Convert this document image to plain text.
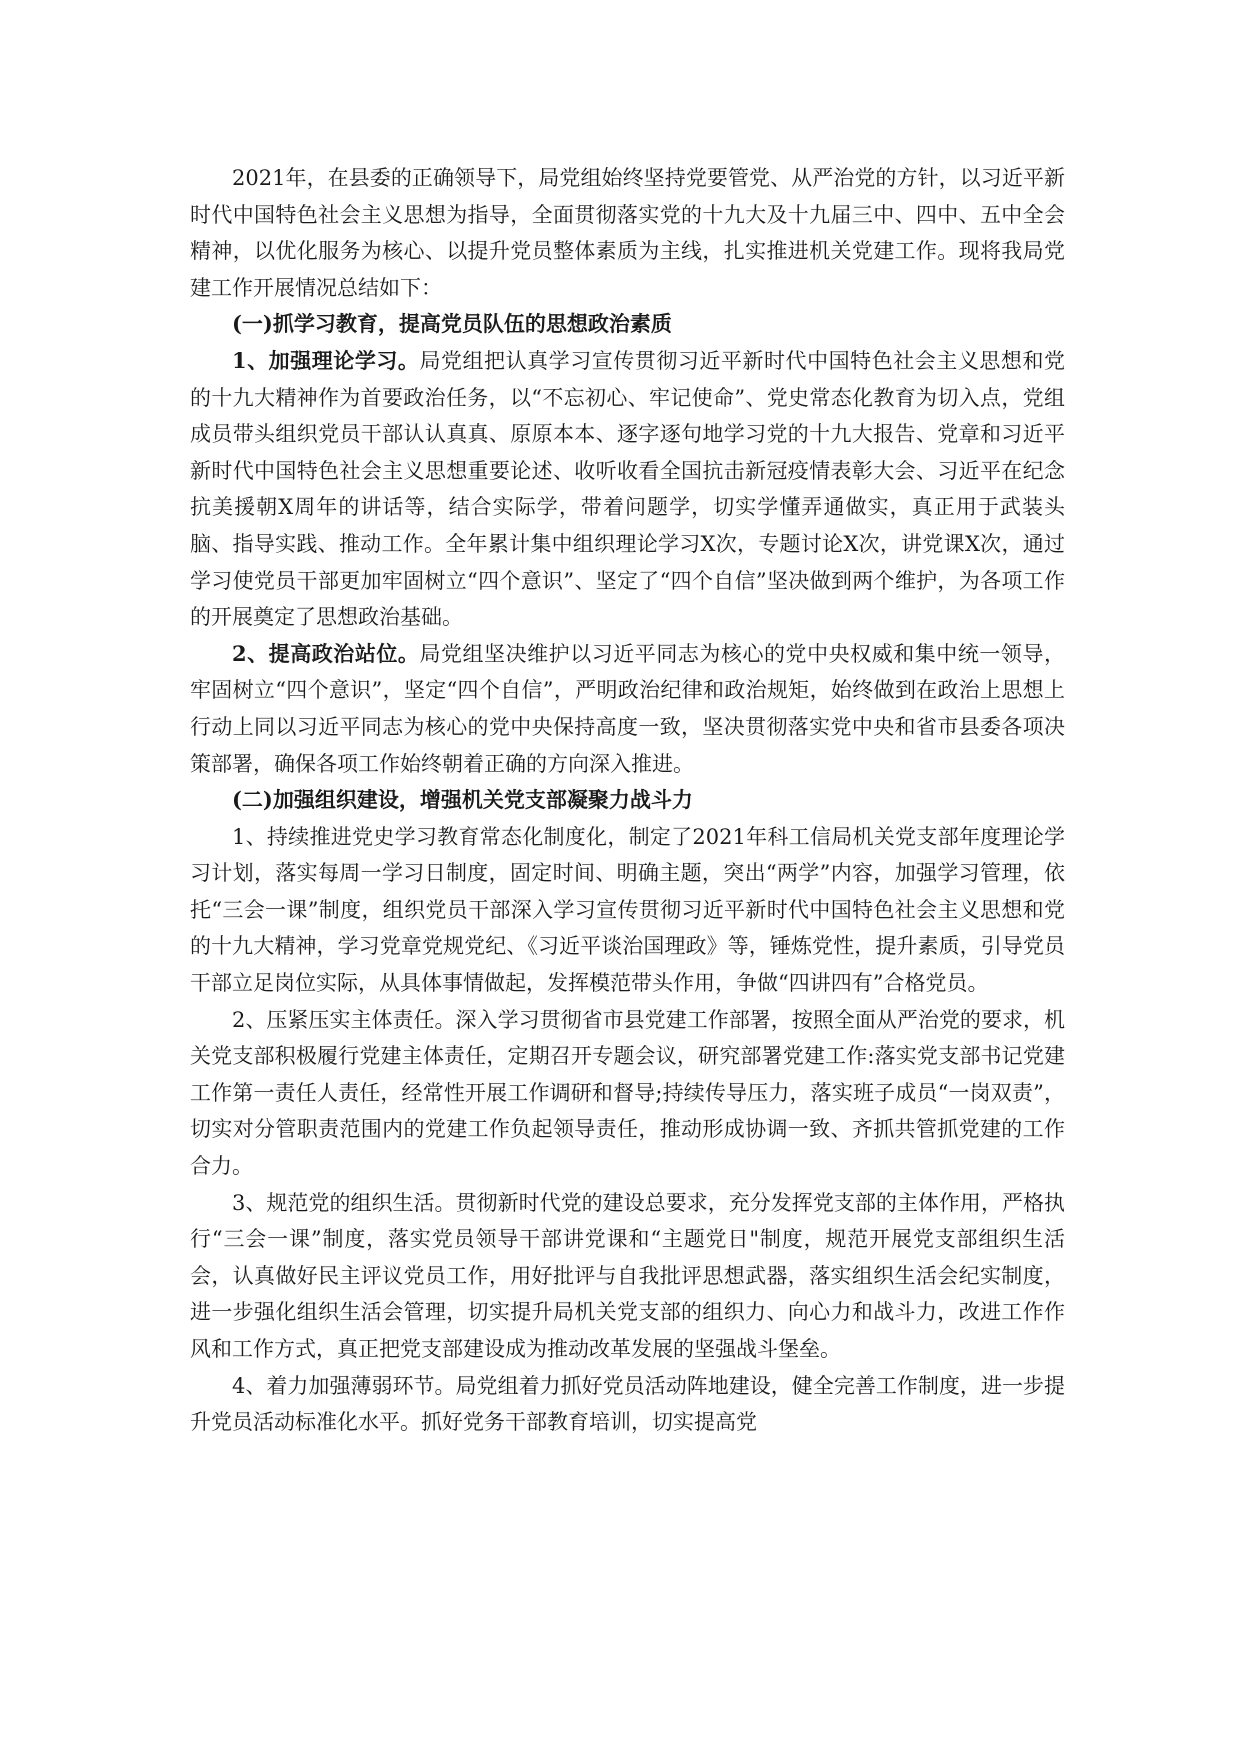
2021年，在县委的正确领导下，局党组始终坚持党要管党、从严治党的方针，以习近平新时代中国特色社会主义思想为指导，全面贯彻落实党的十九大及十九届三中、四中、五中全会精神，以优化服务为核心、以提升党员整体素质为主线，扎实推进机关党建工作。现将我局党建工作开展情况总结如下：

(一)抓学习教育，提高党员队伍的思想政治素质

1、加强理论学习。局党组把认真学习宣传贯彻习近平新时代中国特色社会主义思想和党的十九大精神作为首要政治任务，以“不忘初心、牢记使命”、党史常态化教育为切入点，党组成员带头组织党员干部认认真真、原原本本、逐字逐句地学习党的十九大报告、党章和习近平新时代中国特色社会主义思想重要论述、收听收看全国抗击新冠疫情表彰大会、习近平在纪念抗美援朝X周年的讲话等，结合实际学，带着问题学，切实学懂弄通做实，真正用于武装头脑、指导实践、推动工作。全年累计集中组织理论学习X次，专题讨论X次，讲党课X次，通过学习使党员干部更加牢固树立“四个意识”、坚定了“四个自信”坚决做到两个维护，为各项工作的开展奠定了思想政治基础。

2、提高政治站位。局党组坚决维护以习近平同志为核心的党中央权威和集中统一领导，牢固树立“四个意识”，坚定“四个自信”，严明政治纪律和政治规矩，始终做到在政治上思想上行动上同以习近平同志为核心的党中央保持高度一致，坚决贯彻落实党中央和省市县委各项决策部署，确保各项工作始终朝着正确的方向深入推进。

(二)加强组织建设，增强机关党支部凝聚力战斗力

1、持续推进党史学习教育常态化制度化，制定了2021年科工信局机关党支部年度理论学习计划，落实每周一学习日制度，固定时间、明确主题，突出“两学”内容，加强学习管理，依托“三会一课”制度，组织党员干部深入学习宣传贯彻习近平新时代中国特色社会主义思想和党的十九大精神，学习党章党规党纪、《习近平谈治国理政》等，锤炼党性，提升素质，引导党员干部立足岗位实际，从具体事情做起，发挥模范带头作用，争做“四讲四有”合格党员。

2、压紧压实主体责任。深入学习贯彻省市县党建工作部署，按照全面从严治党的要求，机关党支部积极履行党建主体责任，定期召开专题会议，研究部署党建工作:落实党支部书记党建工作第一责任人责任，经常性开展工作调研和督导;持续传导压力，落实班子成员“一岗双责”，切实对分管职责范围内的党建工作负起领导责任，推动形成协调一致、齐抓共管抓党建的工作合力。

3、规范党的组织生活。贯彻新时代党的建设总要求，充分发挥党支部的主体作用，严格执行“三会一课”制度，落实党员领导干部讲党课和“主题党日"制度，规范开展党支部组织生活会，认真做好民主评议党员工作，用好批评与自我批评思想武器，落实组织生活会纪实制度，进一步强化组织生活会管理，切实提升局机关党支部的组织力、向心力和战斗力，改进工作作风和工作方式，真正把党支部建设成为推动改革发展的坚强战斗堡垒。

4、着力加强薄弱环节。局党组着力抓好党员活动阵地建设，健全完善工作制度，进一步提升党员活动标准化水平。抓好党务干部教育培训，切实提高党
